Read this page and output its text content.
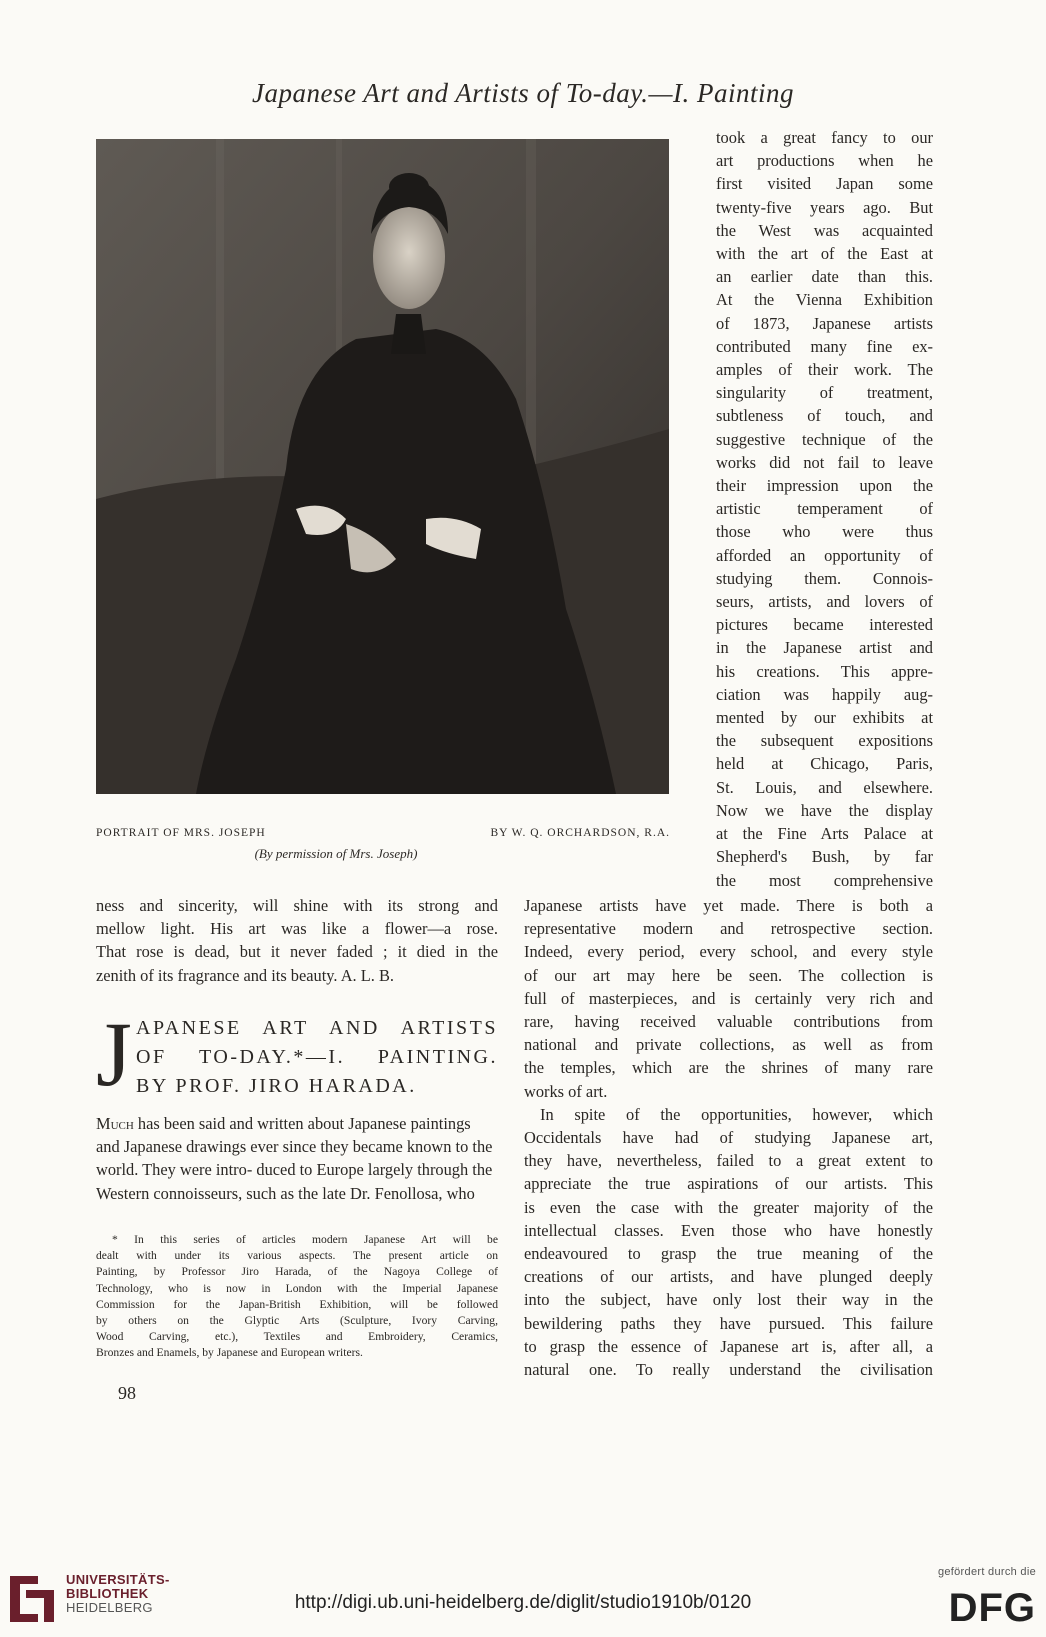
Japanese Art and Artists of To-day.—I. Painting
PORTRAIT OF MRS. JOSEPH	BY W. Q. ORCHARDSON, R.A.
(By permission of Mrs. Joseph)
took a great fancy to our
art productions when he
first visited Japan some
twenty-five years ago. But
the West was acquainted
with the art of the East at
an earlier date than this.
At the Vienna Exhibition
of 1873, Japanese artists
contributed many fine ex-
amples of their work. The
singularity of treatment,
subtleness of touch, and
suggestive technique of the
works did not fail to leave
their impression upon the
artistic temperament of
those who were thus
afforded an opportunity of
studying them. Connois-
seurs, artists, and lovers of
pictures became interested
in the Japanese artist and
his creations. This appre-
ciation was happily aug-
mented by our exhibits at
the subsequent expositions
held at Chicago, Paris,
St. Louis, and elsewhere.
Now we have the display
at the Fine Arts Palace at
Shepherd's Bush, by far
the most comprehensive
ness and sincerity, will shine with its strong and
mellow light. His art was like a flower—a rose.
That rose is dead, but it never faded ; it died in the
zenith of its fragrance and its beauty. A. L. B.
J APANESE ART AND ARTISTS
OF TO-DAY.*—I. PAINTING.
BY PROF. JIRO HARADA.
Much has been said and written about Japanese paintings and Japanese drawings ever since they became known to the world. They were intro- duced to Europe largely through the Western connoisseurs, such as the late Dr. Fenollosa, who
* In this series of articles modern Japanese Art will be
dealt with under its various aspects. The present article on
Painting, by Professor Jiro Harada, of the Nagoya College of
Technology, who is now in London with the Imperial Japanese
Commission for the Japan-British Exhibition, will be followed
by others on the Glyptic Arts (Sculpture, Ivory Carving,
Wood Carving, etc.), Textiles and Embroidery, Ceramics,
Bronzes and Enamels, by Japanese and European writers.
98
Japanese artists have yet made. There is both a
representative modern and retrospective section.
Indeed, every period, every school, and every style
of our art may here be seen. The collection is
full of masterpieces, and is certainly very rich and
rare, having received valuable contributions from
national and private collections, as well as from
the temples, which are the shrines of many rare
works of art.
In spite of the opportunities, however, which
Occidentals have had of studying Japanese art,
they have, nevertheless, failed to a great extent to
appreciate the true aspirations of our artists. This
is even the case with the greater majority of the
intellectual classes. Even those who have honestly
endeavoured to grasp the true meaning of the
creations of our artists, and have plunged deeply
into the subject, have only lost their way in the
bewildering paths they have pursued. This failure
to grasp the essence of Japanese art is, after all, a
natural one. To really understand the civilisation
UNIVERSITÄTS-
BIBLIOTHEK
HEIDELBERG	http://digi.ub.uni-heidelberg.de/diglit/studio1910b/0120
gefördert durch die
DFG
